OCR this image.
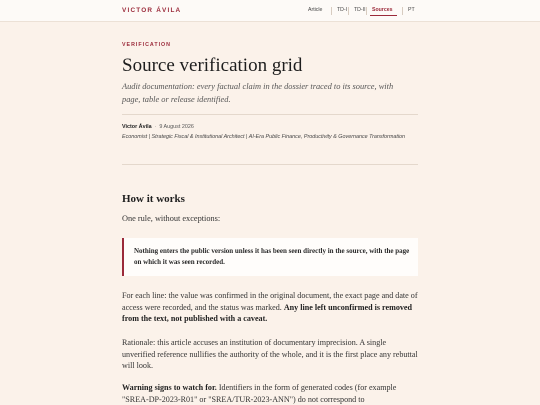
VICTOR ÁVILA	Article	TD-I TD-II Sources	PT
VERIFICATION
Source verification grid

Audit documentation: every factual claim in the dossier traced to its source, with page, table or release identified.

Victor Ávila · 9 August 2026
Economist | Strategic Fiscal & Institutional Architect | AI-Era Public Finance, Productivity & Governance Transformation
How it works

One rule, without exceptions:

Nothing enters the public version unless it has been seen directly in the source, with the page on which it was seen recorded.

For each line: the value was confirmed in the original document, the exact page and date of access were recorded, and the status was marked. Any line left unconfirmed is removed from the text, not published with a caveat.

Rationale: this article accuses an institution of documentary imprecision. A single unverified reference nullifies the authority of the whole, and it is the first place any rebuttal will look.

Warning signs to watch for. Identifiers in the form of generated codes (for example "SREA-DP-2023-R01" or "SREA/TUR-2023-ANN") do not correspond to
